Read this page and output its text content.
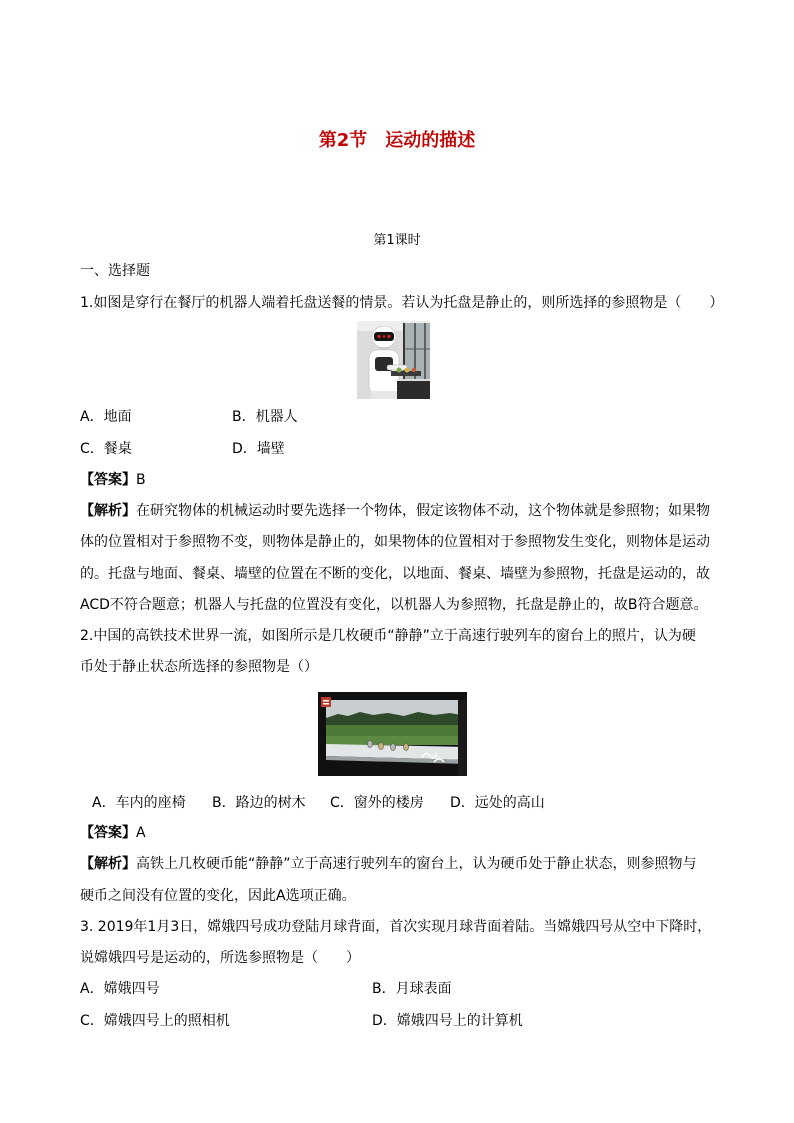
第2节　运动的描述
第1课时
一、选择题
1.如图是穿行在餐厅的机器人端着托盘送餐的情景。若认为托盘是静止的，则所选择的参照物是（　　）
A．地面	B．机器人
C．餐桌	D．墙壁
【答案】B
【解析】在研究物体的机械运动时要先选择一个物体，假定该物体不动，这个物体就是参照物；如果物
体的位置相对于参照物不变，则物体是静止的，如果物体的位置相对于参照物发生变化，则物体是运动
的。托盘与地面、餐桌、墙壁的位置在不断的变化，以地面、餐桌、墙壁为参照物，托盘是运动的，故
ACD不符合题意；机器人与托盘的位置没有变化，以机器人为参照物，托盘是静止的，故B符合题意。
2.中国的高铁技术世界一流，如图所示是几枚硬币“静静”立于高速行驶列车的窗台上的照片，认为硬
币处于静止状态所选择的参照物是（）
A．车内的座椅 B．路边的树木 C．窗外的楼房 D．远处的高山
【答案】A
【解析】高铁上几枚硬币能“静静”立于高速行驶列车的窗台上，认为硬币处于静止状态，则参照物与
硬币之间没有位置的变化，因此A选项正确。
3. 2019年1月3日，嫦娥四号成功登陆月球背面，首次实现月球背面着陆。当嫦娥四号从空中下降时，
说嫦娥四号是运动的，所选参照物是（　　）
A．嫦娥四号	B．月球表面
C．嫦娥四号上的照相机	D．嫦娥四号上的计算机
